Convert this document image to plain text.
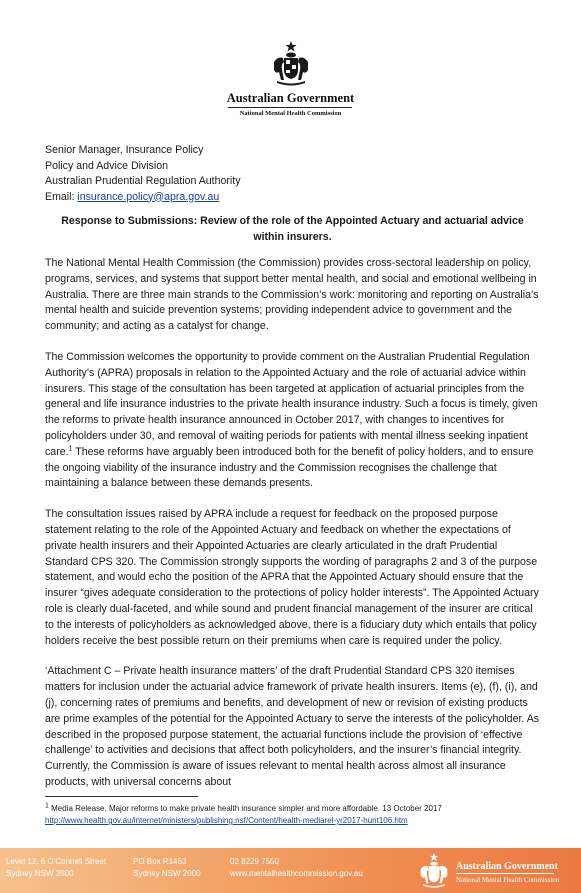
Australian Government
National Mental Health Commission
Senior Manager, Insurance Policy
Policy and Advice Division
Australian Prudential Regulation Authority
Email: insurance.policy@apra.gov.au
Response to Submissions: Review of the role of the Appointed Actuary and actuarial advice within insurers.

The National Mental Health Commission (the Commission) provides cross-sectoral leadership on policy, programs, services, and systems that support better mental health, and social and emotional wellbeing in Australia. There are three main strands to the Commission’s work: monitoring and reporting on Australia’s mental health and suicide prevention systems; providing independent advice to government and the community; and acting as a catalyst for change.

The Commission welcomes the opportunity to provide comment on the Australian Prudential Regulation Authority’s (APRA) proposals in relation to the Appointed Actuary and the role of actuarial advice within insurers. This stage of the consultation has been targeted at application of actuarial principles from the general and life insurance industries to the private health insurance industry. Such a focus is timely, given the reforms to private health insurance announced in October 2017, with changes to incentives for policyholders under 30, and removal of waiting periods for patients with mental illness seeking inpatient care.$^1$ These reforms have arguably been introduced both for the benefit of policy holders, and to ensure the ongoing viability of the insurance industry and the Commission recognises the challenge that maintaining a balance between these demands presents.

The consultation issues raised by APRA include a request for feedback on the proposed purpose statement relating to the role of the Appointed Actuary and feedback on whether the expectations of private health insurers and their Appointed Actuaries are clearly articulated in the draft Prudential Standard CPS 320. The Commission strongly supports the wording of paragraphs 2 and 3 of the purpose statement, and would echo the position of the APRA that the Appointed Actuary should ensure that the insurer “gives adequate consideration to the protections of policy holder interests”. The Appointed Actuary role is clearly dual-faceted, and while sound and prudent financial management of the insurer are critical to the interests of policyholders as acknowledged above, there is a fiduciary duty which entails that policy holders receive the best possible return on their premiums when care is required under the policy.

‘Attachment C – Private health insurance matters’ of the draft Prudential Standard CPS 320 itemises matters for inclusion under the actuarial advice framework of private health insurers. Items (e), (f), (i), and (j), concerning rates of premiums and benefits, and development of new or revision of existing products are prime examples of the potential for the Appointed Actuary to serve the interests of the policyholder. As described in the proposed purpose statement, the actuarial functions include the provision of ‘effective challenge’ to activities and decisions that affect both policyholders, and the insurer’s financial integrity. Currently, the Commission is aware of issues relevant to mental health across almost all insurance products, with universal concerns about

$^1$ Media Release. Major reforms to make private health insurance simpler and more affordable. 13 October 2017
http://www.health.gov.au/internet/ministers/publishing.nsf/Content/health-mediarel-yr2017-hunt106.htm
Level 12, 6 O’Connell Street
Sydney NSW 2000
PO Box R1463
Sydney NSW 2000
02 8229 7550
www.mentalhealthcommission.gov.au
Australian Government
National Mental Health Commission
